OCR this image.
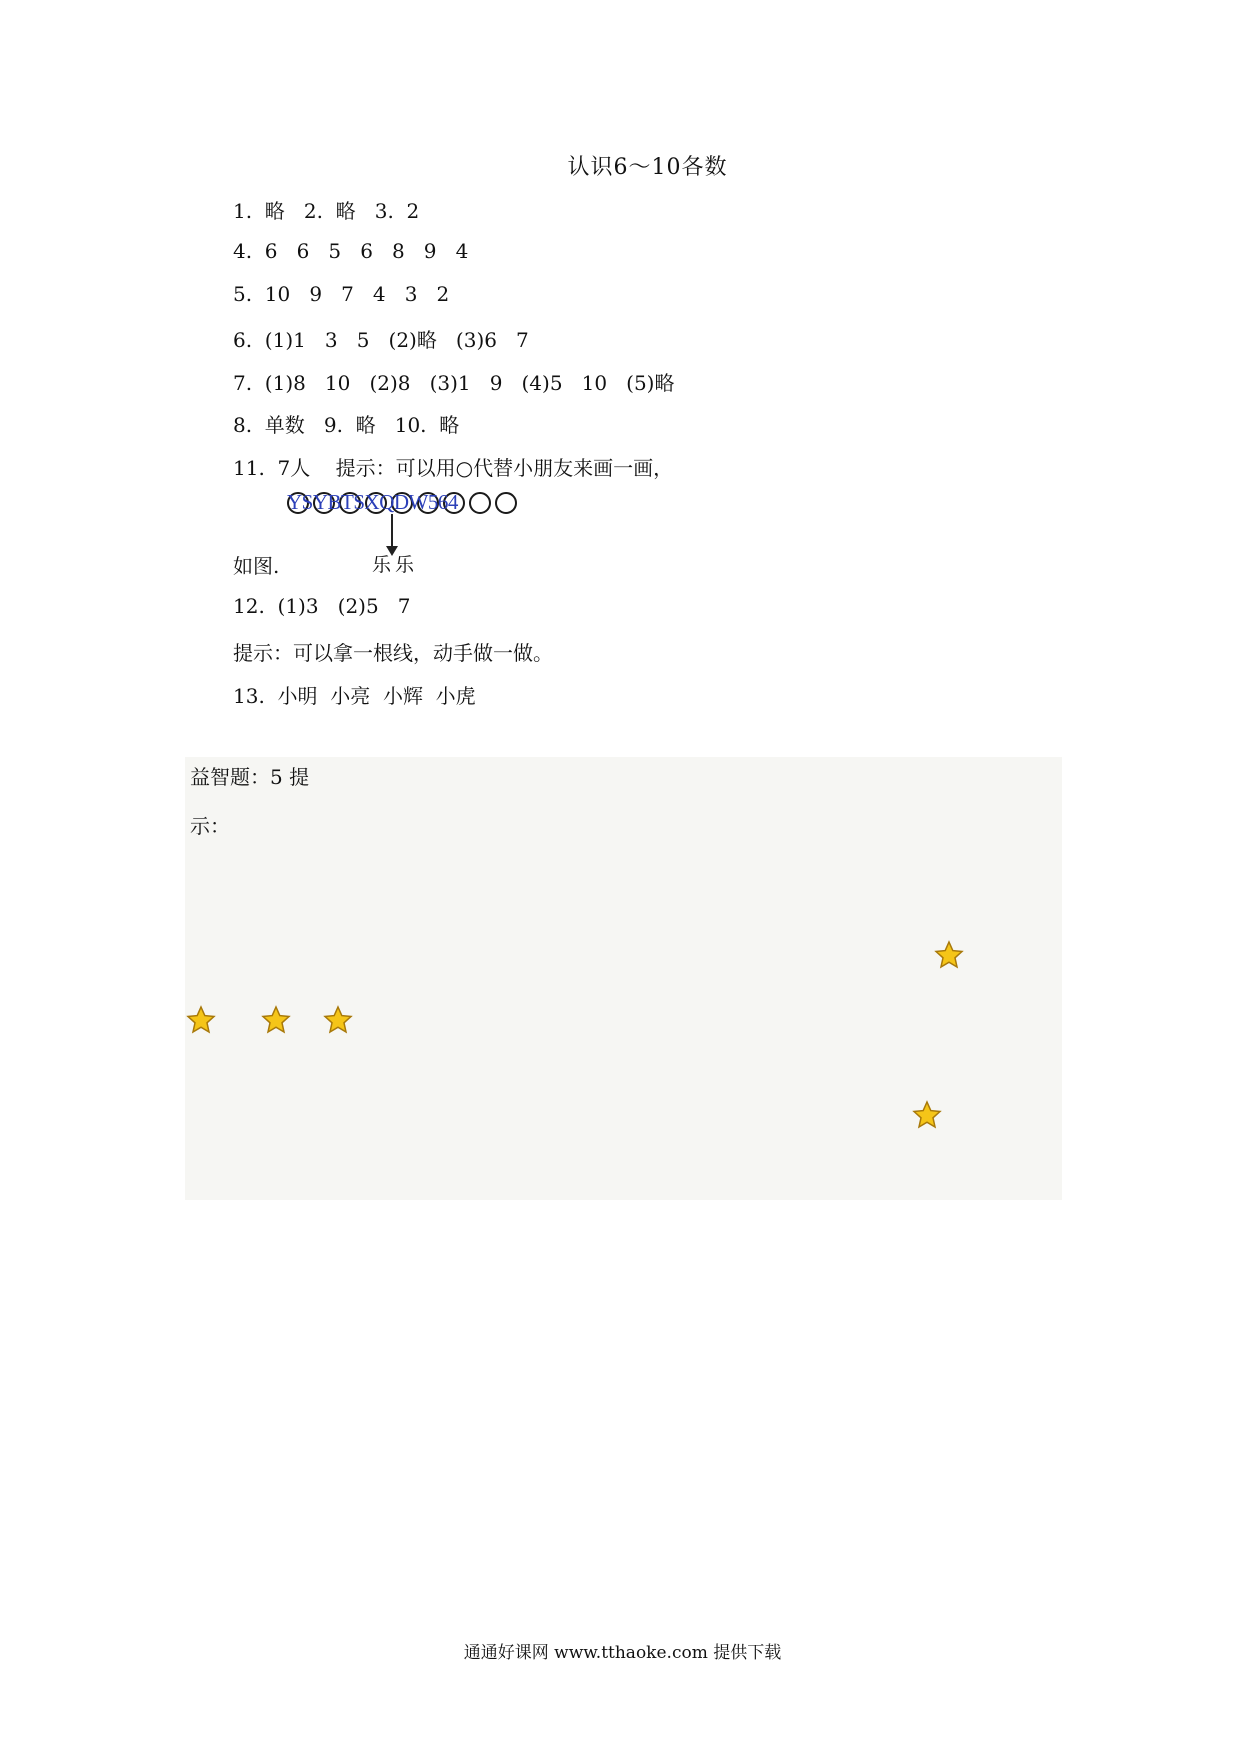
认识6～10各数
1.  略   2.  略   3.  2
4.  6   6   5   6   8   9   4
5.  10   9   7   4   3   2
6.  (1)1   3   5   (2)略   (3)6   7
7.  (1)8   10   (2)8   (3)1   9   (4)5   10   (5)略
8.  单数   9.  略   10.  略
11.  7人    提示：可以用○代替小朋友来画一画，
YSYBTSXQDW564
如图.	乐乐
12.  (1)3   (2)5   7
提示：可以拿一根线，动手做一做。
13.  小明  小亮  小辉  小虎
益智题：5 提
示：
通通好课网 www.tthaoke.com 提供下载
